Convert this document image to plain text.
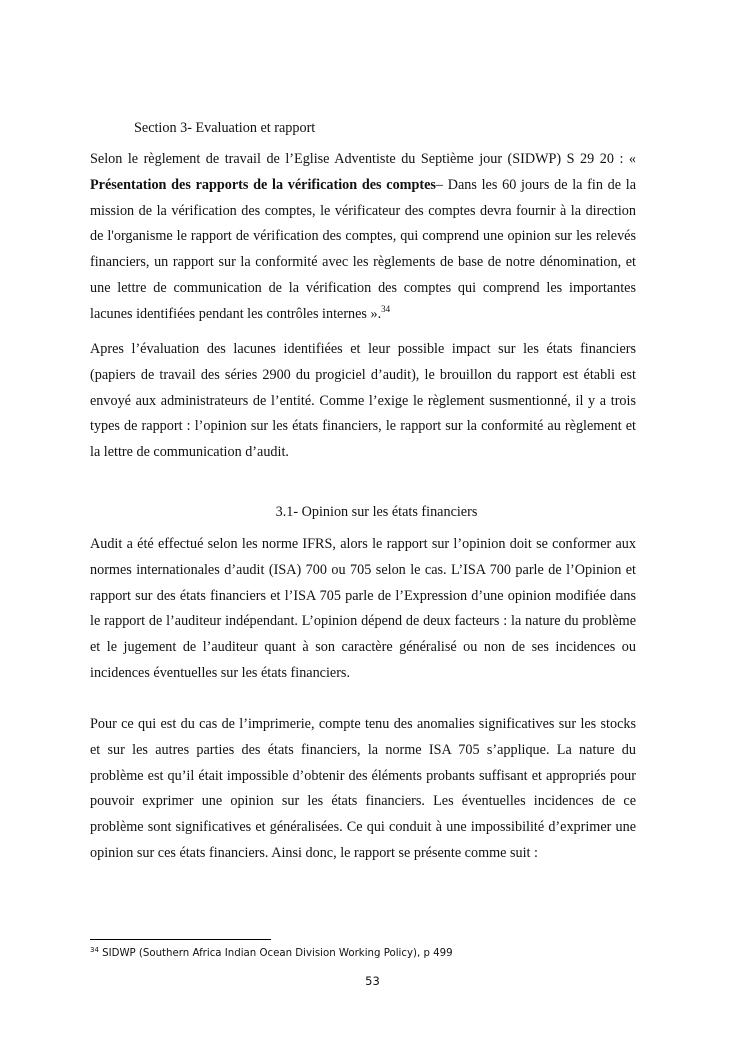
Section 3- Evaluation et rapport

Selon le règlement de travail de l’Eglise Adventiste du Septième jour (SIDWP) S 29 20 : « Présentation des rapports de la vérification des comptes– Dans les 60 jours de la fin de la mission de la vérification des comptes, le vérificateur des comptes devra fournir à la direction de l'organisme le rapport de vérification des comptes, qui comprend une opinion sur les relevés financiers, un rapport sur la conformité avec les règlements de base de notre dénomination, et une lettre de communication de la vérification des comptes qui comprend les importantes lacunes identifiées pendant les contrôles internes ».$^{34}$

Apres l’évaluation des lacunes identifiées et leur possible impact sur les états financiers (papiers de travail des séries 2900 du progiciel d’audit), le brouillon du rapport est établi est envoyé aux administrateurs de l’entité. Comme l’exige le règlement susmentionné, il y a trois types de rapport : l’opinion sur les états financiers, le rapport sur la conformité au règlement et la lettre de communication d’audit.

3.1- Opinion sur les états financiers

Audit a été effectué selon les norme IFRS, alors le rapport sur l’opinion doit se conformer aux normes internationales d’audit (ISA) 700 ou 705 selon le cas. L’ISA 700 parle de l’Opinion et rapport sur des états financiers et l’ISA 705 parle de l’Expression d’une opinion modifiée dans le rapport de l’auditeur indépendant. L’opinion dépend de deux facteurs : la nature du problème et le jugement de l’auditeur quant à son caractère généralisé ou non de ses incidences ou incidences éventuelles sur les états financiers.

Pour ce qui est du cas de l’imprimerie, compte tenu des anomalies significatives sur les stocks et sur les autres parties des états financiers, la norme ISA 705 s’applique. La nature du problème est qu’il était impossible d’obtenir des éléments probants suffisant et appropriés pour pouvoir exprimer une opinion sur les états financiers. Les éventuelles incidences de ce problème sont significatives et généralisées. Ce qui conduit à une impossibilité d’exprimer une opinion sur ces états financiers. Ainsi donc, le rapport se présente comme suit :

$^{34}$ SIDWP (Southern Africa Indian Ocean Division Working Policy), p 499

53
